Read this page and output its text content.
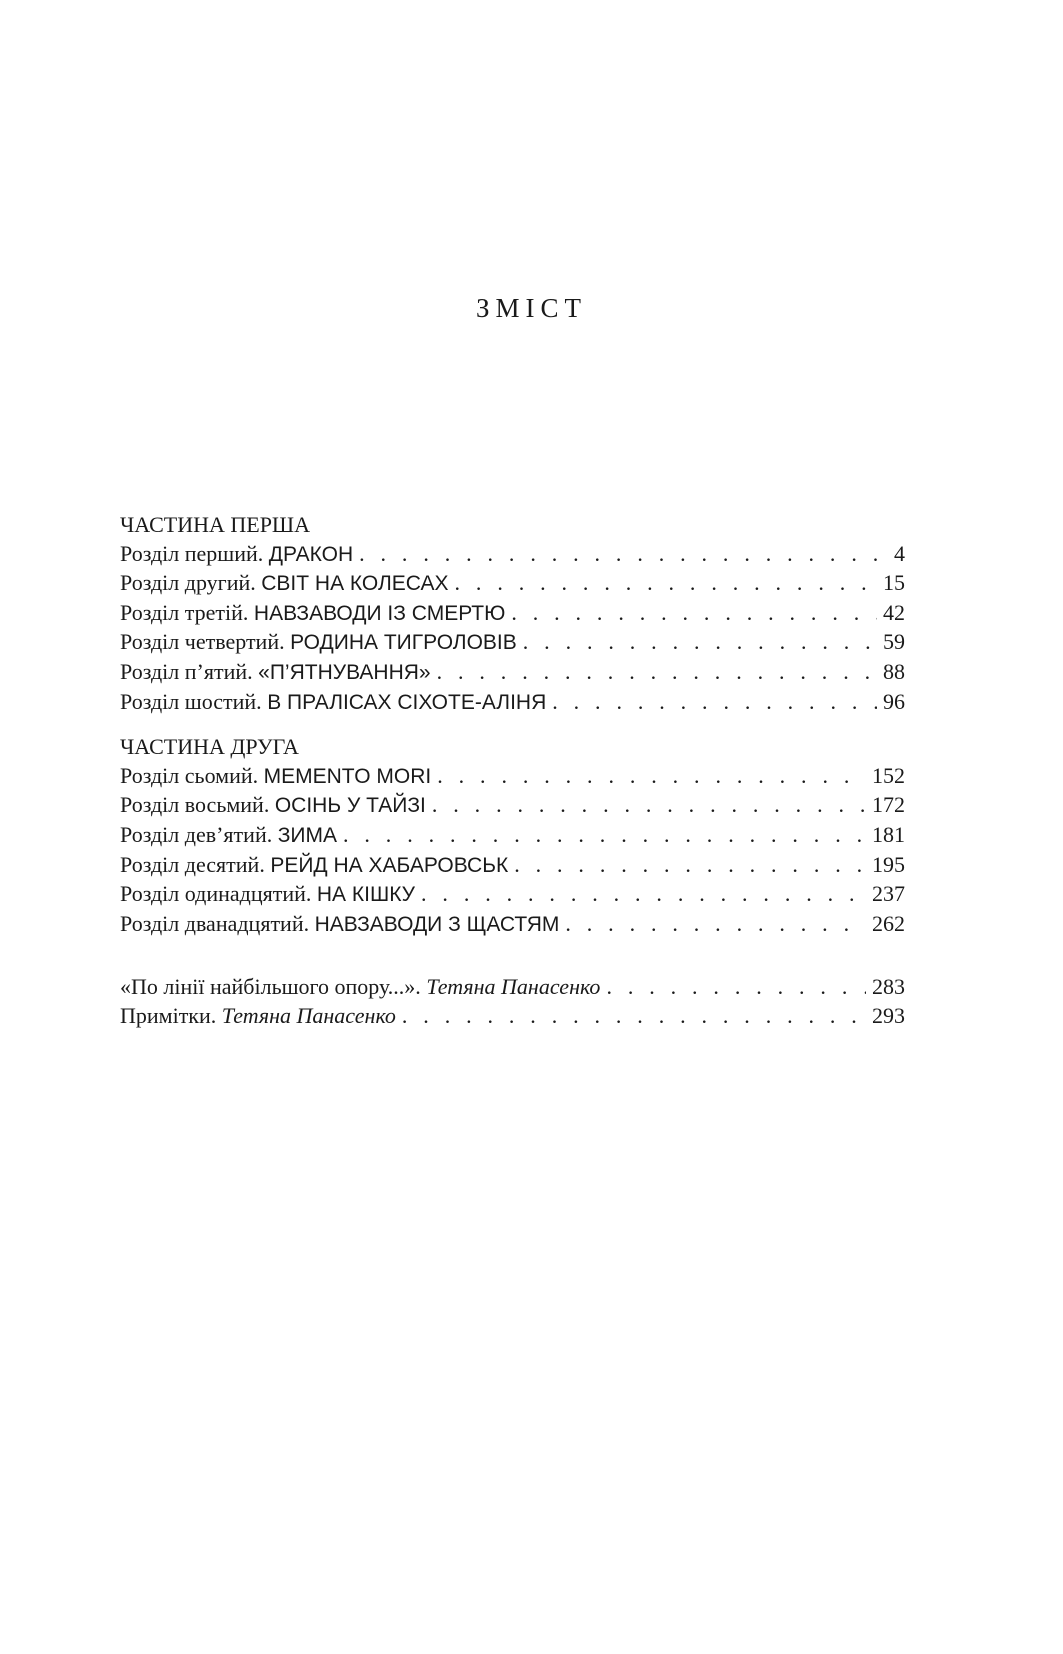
ЗМІСТ
ЧАСТИНА ПЕРША
Розділ перший. ДРАКОН . . .	4
Розділ другий. СВІТ НА КОЛЕСАХ . . .	15
Розділ третій. НАВЗАВОДИ ІЗ СМЕРТЮ . . .	42
Розділ четвертий. РОДИНА ТИГРОЛОВІВ . . .	59
Розділ п’ятий. «П’ЯТНУВАННЯ» . . .	88
Розділ шостий. В ПРАЛІСАХ СІХОТЕ-АЛІНЯ . . .	96
ЧАСТИНА ДРУГА
Розділ сьомий. MEMENTO MORI . . .	152
Розділ восьмий. ОСІНЬ У ТАЙЗІ . . .	172
Розділ дев’ятий. ЗИМА . . .	181
Розділ десятий. РЕЙД НА ХАБАРОВСЬК . . .	195
Розділ одинадцятий. НА КІШКУ . . .	237
Розділ дванадцятий. НАВЗАВОДИ З ЩАСТЯМ . . .	262
«По лінії найбільшого опору...». Тетяна Панасенко . . .	283
Примітки. Тетяна Панасенко . . .	293
